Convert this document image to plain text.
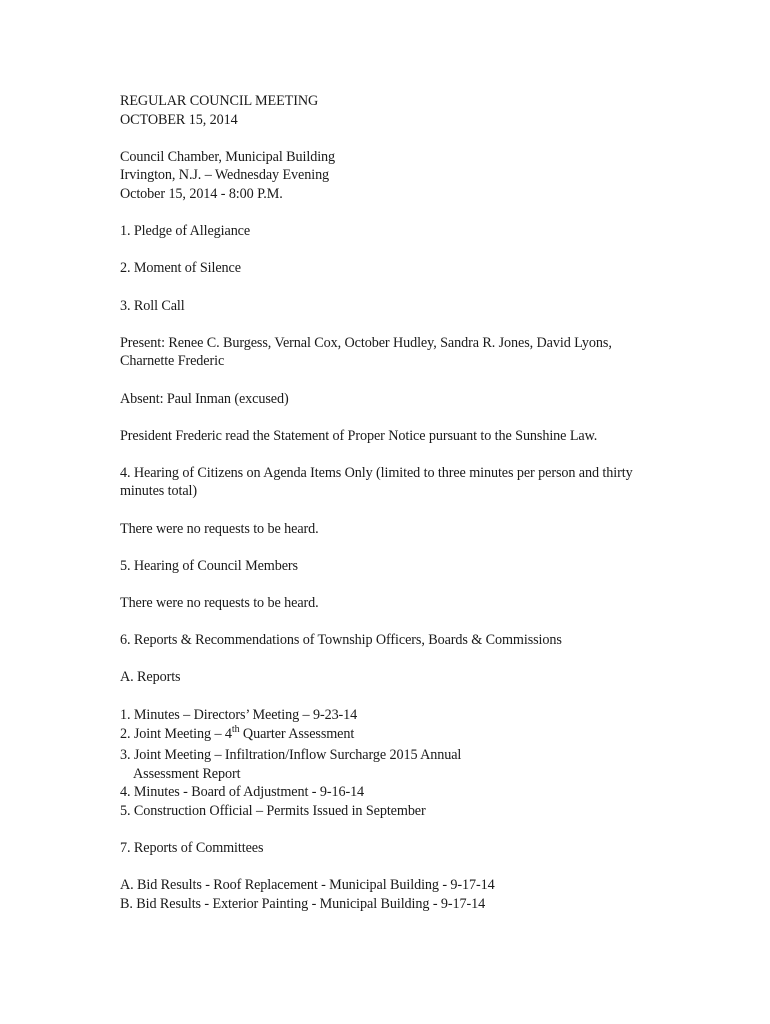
REGULAR COUNCIL MEETING
OCTOBER 15, 2014
Council Chamber, Municipal Building
Irvington, N.J. – Wednesday Evening
October 15, 2014 - 8:00 P.M.
1. Pledge of Allegiance
2. Moment of Silence
3. Roll Call
Present: Renee C. Burgess, Vernal Cox, October Hudley, Sandra R. Jones, David Lyons, Charnette Frederic
Absent: Paul Inman (excused)
President Frederic read the Statement of Proper Notice pursuant to the Sunshine Law.
4. Hearing of Citizens on Agenda Items Only (limited to three minutes per person and thirty minutes total)
There were no requests to be heard.
5. Hearing of Council Members
There were no requests to be heard.
6. Reports & Recommendations of Township Officers, Boards & Commissions
A. Reports
1. Minutes – Directors’ Meeting – 9-23-14
2. Joint Meeting – 4th Quarter Assessment
3. Joint Meeting – Infiltration/Inflow Surcharge 2015 Annual
Assessment Report
4. Minutes - Board of Adjustment - 9-16-14
5. Construction Official – Permits Issued in September
7. Reports of Committees
A. Bid Results - Roof Replacement - Municipal Building - 9-17-14
B. Bid Results - Exterior Painting - Municipal Building - 9-17-14
